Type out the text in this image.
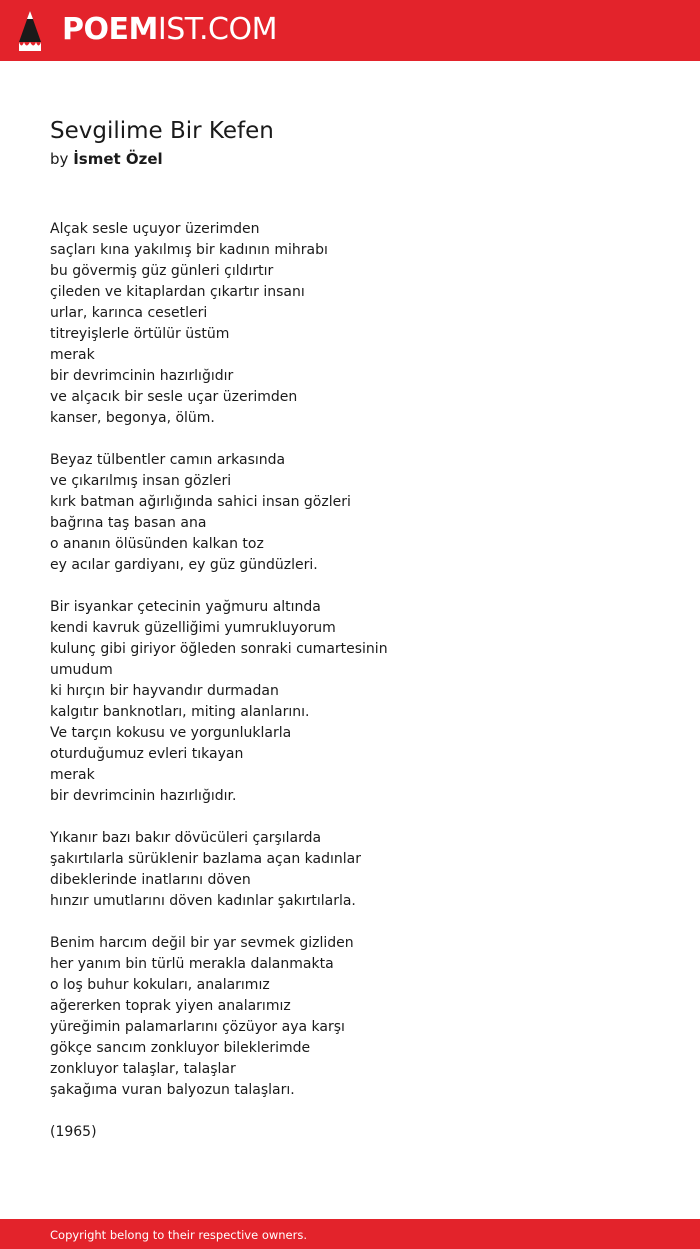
POEMIST.COM
Sevgilime Bir Kefen
by İsmet Özel
Alçak sesle uçuyor üzerimden
saçları kına yakılmış bir kadının mihrabı
bu gövermiş güz günleri çıldırtır
çileden ve kitaplardan çıkartır insanı
urlar, karınca cesetleri
titreyişlerle örtülür üstüm
merak
bir devrimcinin hazırlığıdır
ve alçacık bir sesle uçar üzerimden
kanser, begonya, ölüm.
Beyaz tülbentler camın arkasında
ve çıkarılmış insan gözleri
kırk batman ağırlığında sahici insan gözleri
bağrına taş basan ana
o ananın ölüsünden kalkan toz
ey acılar gardiyanı, ey güz gündüzleri.
Bir isyankar çetecinin yağmuru altında
kendi kavruk güzelliğimi yumrukluyorum
kulunç gibi giriyor öğleden sonraki cumartesinin
umudum
ki hırçın bir hayvandır durmadan
kalgıtır banknotları, miting alanlarını.
Ve tarçın kokusu ve yorgunluklarla
oturduğumuz evleri tıkayan
merak
bir devrimcinin hazırlığıdır.
Yıkanır bazı bakır dövücüleri çarşılarda
şakırtılarla sürüklenir bazlama açan kadınlar
dibeklerinde inatlarını döven
hınzır umutlarını döven kadınlar şakırtılarla.
Benim harcım değil bir yar sevmek gizliden
her yanım bin türlü merakla dalanmakta
o loş buhur kokuları, analarımız
ağererken toprak yiyen analarımız
yüreğimin palamarlarını çözüyor aya karşı
gökçe sancım zonkluyor bileklerimde
zonkluyor talaşlar, talaşlar
şakağıma vuran balyozun talaşları.
(1965)
Copyright belong to their respective owners.
